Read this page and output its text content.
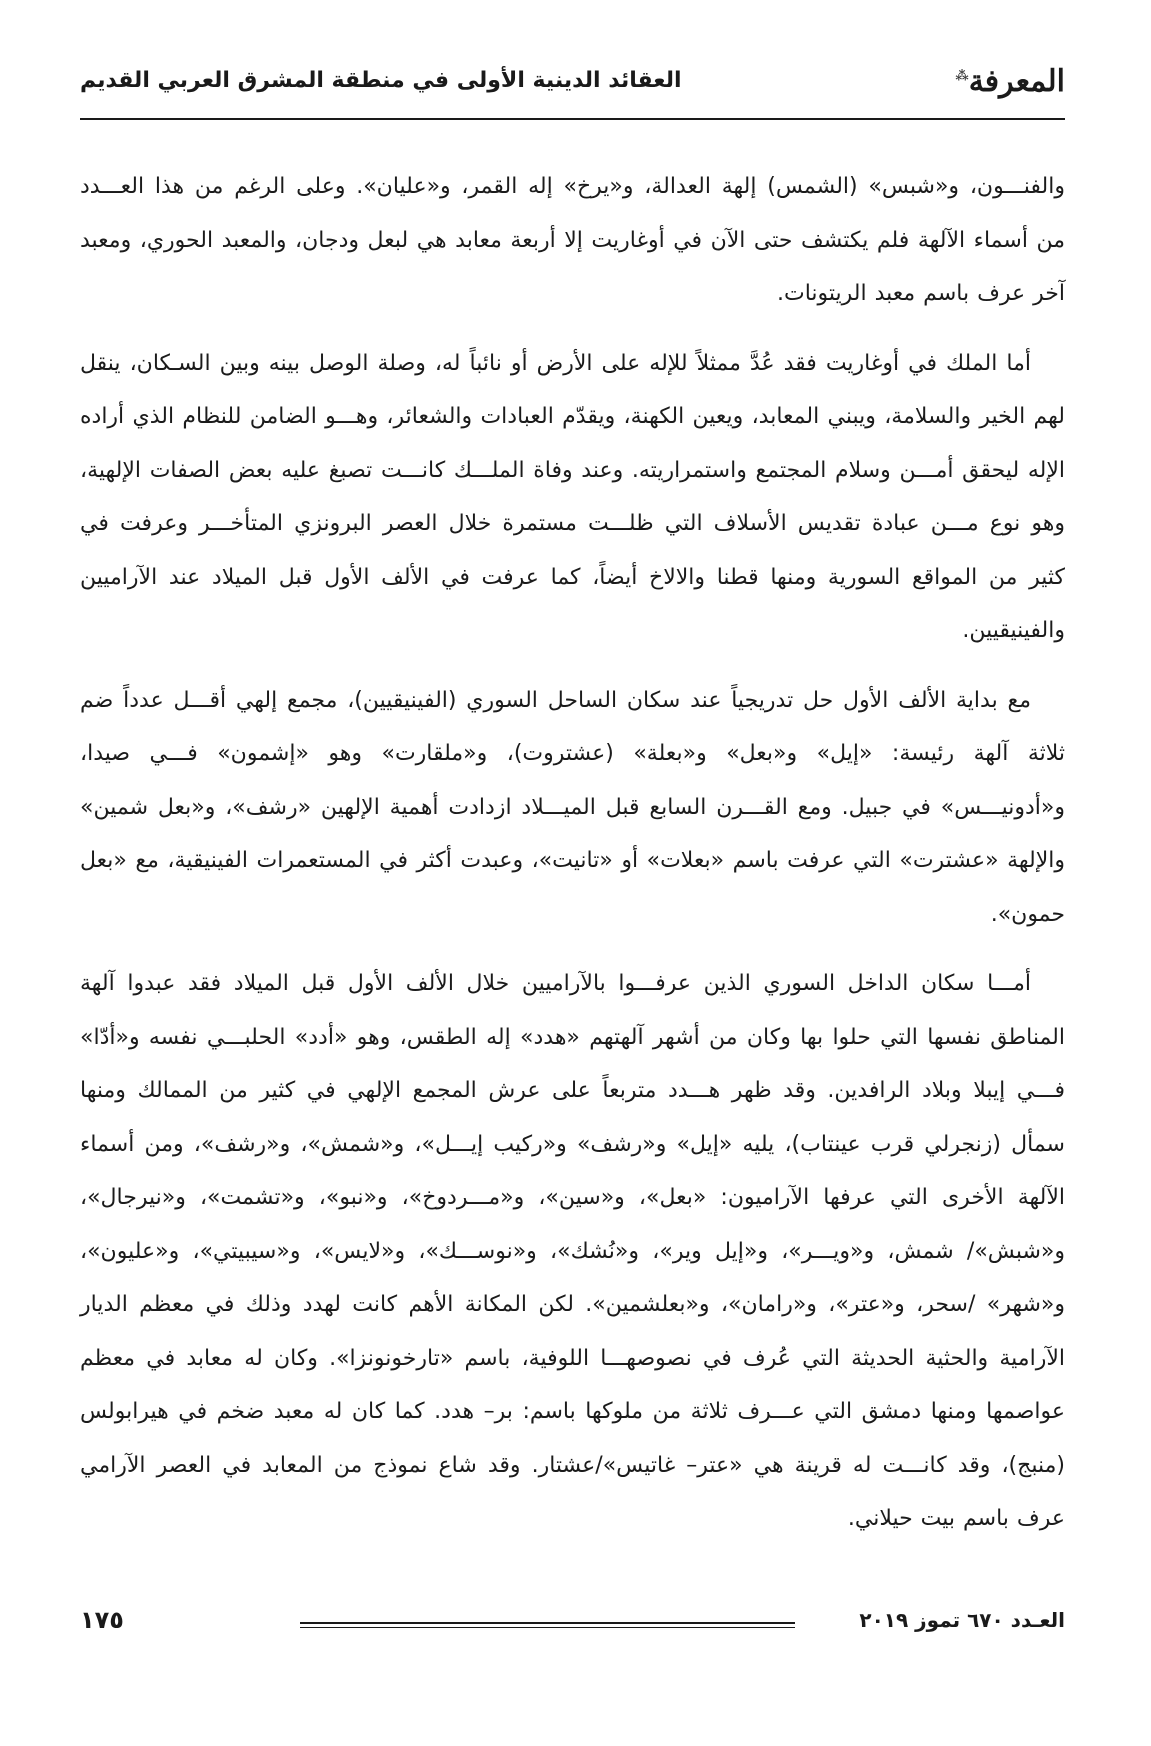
المعرفة⁂
العقائد الدينية الأولى في منطقة المشرق العربي القديم

والفنـــون، و«شبس» (الشمس) إلهة العدالة، و«يرخ» إله القمر، و«عليان». وعلى الرغم من هذا العـــدد من أسماء الآلهة فلم يكتشف حتى الآن في أوغاريت إلا أربعة معابد هي لبعل ودجان، والمعبد الحوري، ومعبد آخر عرف باسم معبد الريتونات.

أما الملك في أوغاريت فقد عُدَّ ممثلاً للإله على الأرض أو نائباً له، وصلة الوصل بينه وبين السـكان، ينقل لهم الخير والسلامة، ويبني المعابد، ويعين الكهنة، ويقدّم العبادات والشعائر، وهـــو الضامن للنظام الذي أراده الإله ليحقق أمـــن وسلام المجتمع واستمراريته. وعند وفاة الملـــك كانـــت تصبغ عليه بعض الصفات الإلهية، وهو نوع مـــن عبادة تقديس الأسلاف التي ظلـــت مستمرة خلال العصر البرونزي المتأخـــر وعرفت في كثير من المواقع السورية ومنها قطنا والالاخ أيضاً، كما عرفت في الألف الأول قبل الميلاد عند الآراميين والفينيقيين.

مع بداية الألف الأول حل تدريجياً عند سكان الساحل السوري (الفينيقيين)، مجمع إلهي أقـــل عدداً ضم ثلاثة آلهة رئيسة: «إيل» و«بعل» و«بعلة» (عشتروت)، و«ملقارت» وهو «إشمون» فـــي صيدا، و«أدونيـــس» في جبيل. ومع القـــرن السابع قبل الميـــلاد ازدادت أهمية الإلهين «رشف»، و«بعل شمين» والإلهة «عشترت» التي عرفت باسم «بعلات» أو «تانيت»، وعبدت أكثر في المستعمرات الفينيقية، مع «بعل حمون».

أمـــا سكان الداخل السوري الذين عرفـــوا بالآراميين خلال الألف الأول قبل الميلاد فقد عبدوا آلهة المناطق نفسها التي حلوا بها وكان من أشهر آلهتهم «هدد» إله الطقس، وهو «أدد» الحلبـــي نفسه و«أدّا» فـــي إيبلا وبلاد الرافدين. وقد ظهر هـــدد متربعاً على عرش المجمع الإلهي في كثير من الممالك ومنها سمأل (زنجرلي قرب عينتاب)، يليه «إيل» و«رشف» و«ركيب إيـــل»، و«شمش»، و«رشف»، ومن أسماء الآلهة الأخرى التي عرفها الآراميون: «بعل»، و«سين»، و«مـــردوخ»، و«نبو»، و«تشمت»، و«نيرجال»، و«شبش»/ شمش، و«ويـــر»، و«إيل وير»، و«نُشك»، و«نوســـك»، و«لايس»، و«سيبيتي»، و«عليون»، و«شهر» /سحر، و«عتر»، و«رامان»، و«بعلشمين». لكن المكانة الأهم كانت لهدد وذلك في معظم الديار الآرامية والحثية الحديثة التي عُرف في نصوصهـــا اللوفية، باسم «تارخونونزا». وكان له معابد في معظم عواصمها ومنها دمشق التي عـــرف ثلاثة من ملوكها باسم: بر– هدد. كما كان له معبد ضخم في هيرابولس (منبج)، وقد كانـــت له قرينة هي «عتر– غاتيس»/عشتار. وقد شاع نموذج من المعابد في العصر الآرامي عرف باسم بيت حيلاني.

العـدد ٦٧٠ تموز ٢٠١٩
١٧٥
